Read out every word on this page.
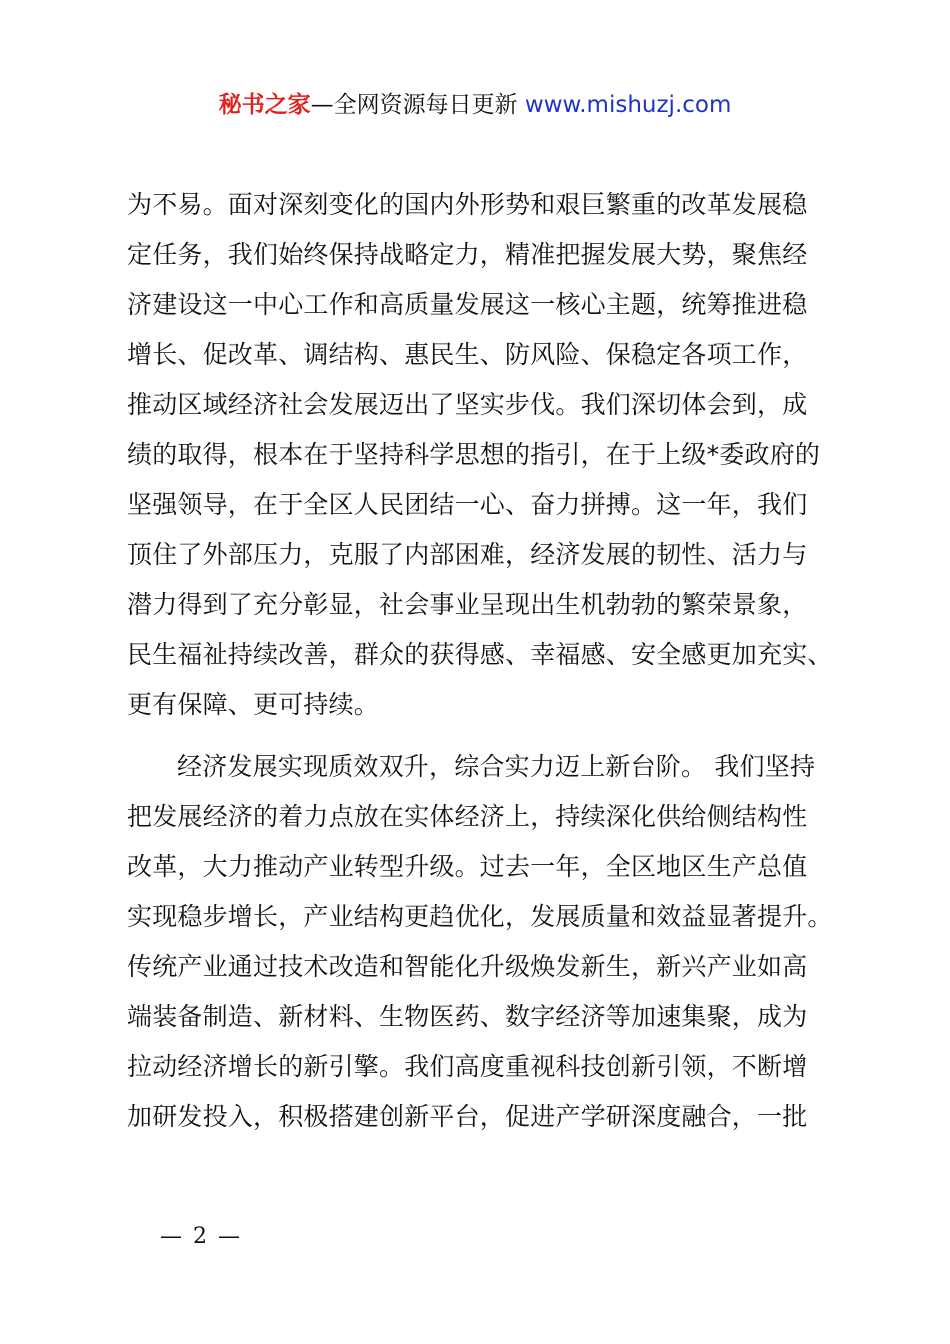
秘书之家—全网资源每日更新 www.mishuzj.com
为不易。面对深刻变化的国内外形势和艰巨繁重的改革发展稳
定任务，我们始终保持战略定力，精准把握发展大势，聚焦经
济建设这一中心工作和高质量发展这一核心主题，统筹推进稳
增长、促改革、调结构、惠民生、防风险、保稳定各项工作，
推动区域经济社会发展迈出了坚实步伐。我们深切体会到，成
绩的取得，根本在于坚持科学思想的指引，在于上级*委政府的
坚强领导，在于全区人民团结一心、奋力拼搏。这一年，我们
顶住了外部压力，克服了内部困难，经济发展的韧性、活力与
潜力得到了充分彰显，社会事业呈现出生机勃勃的繁荣景象，
民生福祉持续改善，群众的获得感、幸福感、安全感更加充实、
更有保障、更可持续。
经济发展实现质效双升，综合实力迈上新台阶。 我们坚持
把发展经济的着力点放在实体经济上，持续深化供给侧结构性
改革，大力推动产业转型升级。过去一年，全区地区生产总值
实现稳步增长，产业结构更趋优化，发展质量和效益显著提升。
传统产业通过技术改造和智能化升级焕发新生，新兴产业如高
端装备制造、新材料、生物医药、数字经济等加速集聚，成为
拉动经济增长的新引擎。我们高度重视科技创新引领，不断增
加研发投入，积极搭建创新平台，促进产学研深度融合，一批
— 2 —
